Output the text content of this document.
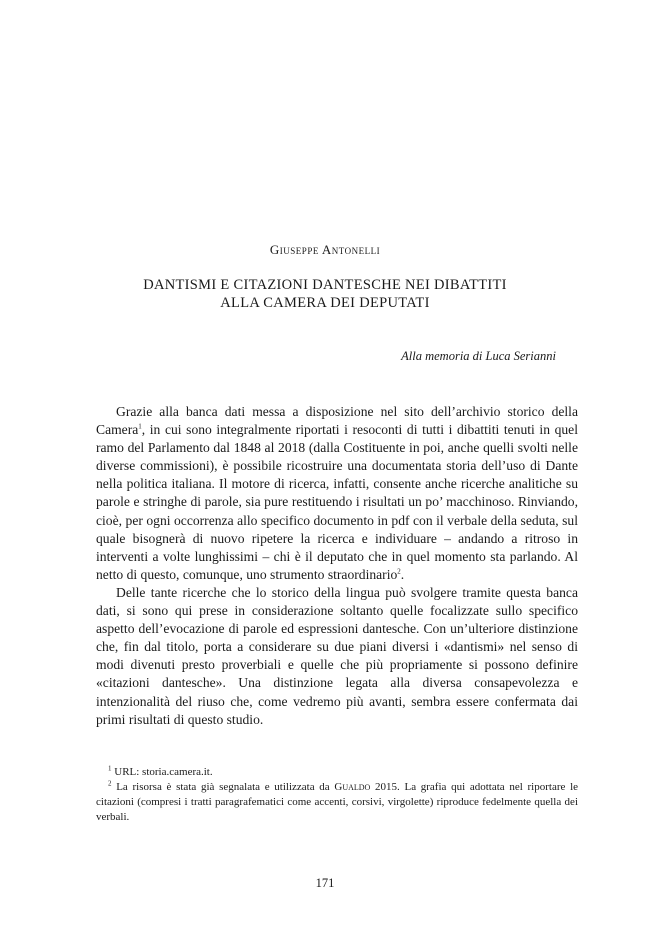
Giuseppe Antonelli
DANTISMI E CITAZIONI DANTESCHE NEI DIBATTITI
ALLA CAMERA DEI DEPUTATI
Alla memoria di Luca Serianni

Grazie alla banca dati messa a disposizione nel sito dell’archivio storico della Camera$^1$, in cui sono integralmente riportati i resoconti di tutti i dibattiti tenuti in quel ramo del Parlamento dal 1848 al 2018 (dalla Costituente in poi, anche quelli svolti nelle diverse commissioni), è possibile ricostruire una documentata storia dell’uso di Dante nella politica italiana. Il motore di ricerca, infatti, consente anche ricerche analitiche su parole e stringhe di parole, sia pure restituendo i risultati un po’ macchinoso. Rinviando, cioè, per ogni occorrenza allo specifico documento in pdf con il verbale della seduta, sul quale bisognerà di nuovo ripetere la ricerca e individuare – andando a ritroso in interventi a volte lunghissimi – chi è il deputato che in quel momento sta parlando. Al netto di questo, comunque, uno strumento straordinario$^2$.

Delle tante ricerche che lo storico della lingua può svolgere tramite questa banca dati, si sono qui prese in considerazione soltanto quelle focalizzate sullo specifico aspetto dell’evocazione di parole ed espressioni dantesche. Con un’ulteriore distinzione che, fin dal titolo, porta a considerare su due piani diversi i «dantismi» nel senso di modi divenuti presto proverbiali e quelle che più propriamente si possono definire «citazioni dantesche». Una distinzione legata alla diversa consapevolezza e intenzionalità del riuso che, come vedremo più avanti, sembra essere confermata dai primi risultati di questo studio.

$^1$ URL: storia.camera.it.

$^2$ La risorsa è stata già segnalata e utilizzata da Gualdo 2015. La grafia qui adottata nel riportare le citazioni (compresi i tratti paragrafematici come accenti, corsivi, virgolette) riproduce fedelmente quella dei verbali.

171
